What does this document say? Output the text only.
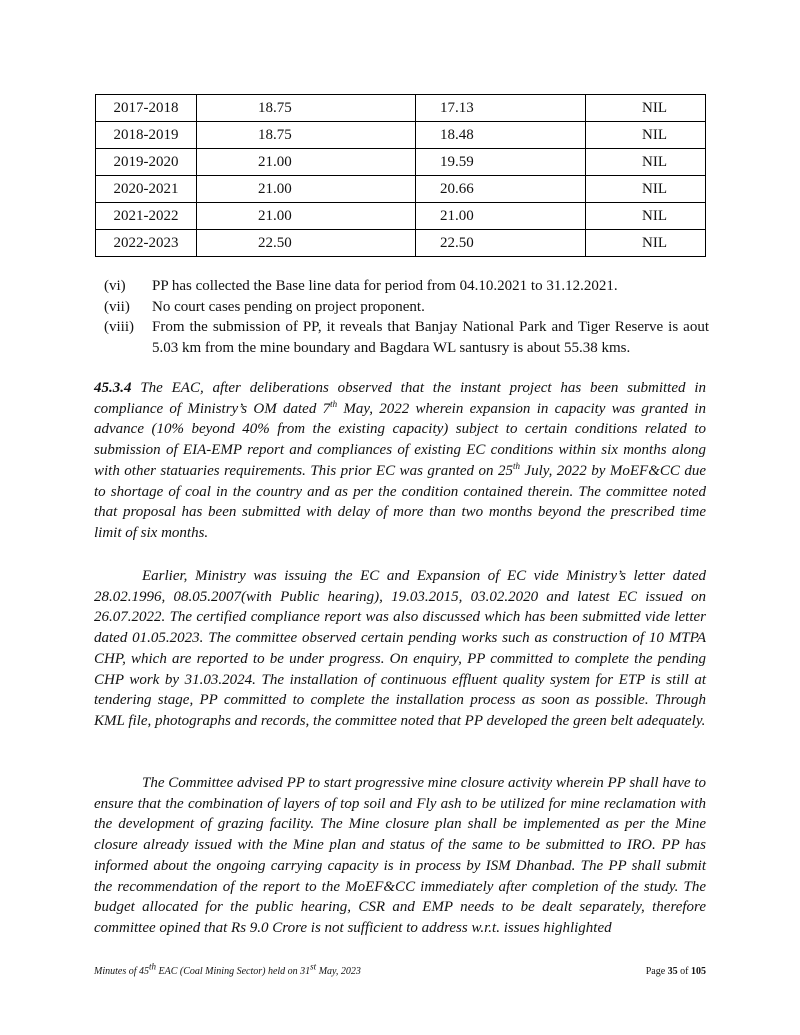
2017-2018	18.75	17.13	NIL
2018-2019	18.75	18.48	NIL
2019-2020	21.00	19.59	NIL
2020-2021	21.00	20.66	NIL
2021-2022	21.00	21.00	NIL
2022-2023	22.50	22.50	NIL
(vi)	PP has collected the Base line data for period from 04.10.2021 to 31.12.2021.
(vii)	No court cases pending on project proponent.
(viii)	From the submission of PP, it reveals that Banjay National Park and Tiger Reserve is aout 5.03 km from the mine boundary and Bagdara WL santusry is about 55.38 kms.

45.3.4 The EAC, after deliberations observed that the instant project has been submitted in compliance of Ministry’s OM dated 7th May, 2022 wherein expansion in capacity was granted in advance (10% beyond 40% from the existing capacity) subject to certain conditions related to submission of EIA-EMP report and compliances of existing EC conditions within six months along with other statuaries requirements. This prior EC was granted on 25th July, 2022 by MoEF&CC due to shortage of coal in the country and as per the condition contained therein. The committee noted that proposal has been submitted with delay of more than two months beyond the prescribed time limit of six months.

Earlier, Ministry was issuing the EC and Expansion of EC vide Ministry’s letter dated 28.02.1996, 08.05.2007(with Public hearing), 19.03.2015, 03.02.2020 and latest EC issued on 26.07.2022. The certified compliance report was also discussed which has been submitted vide letter dated 01.05.2023. The committee observed certain pending works such as construction of 10 MTPA CHP, which are reported to be under progress. On enquiry, PP committed to complete the pending CHP work by 31.03.2024. The installation of continuous effluent quality system for ETP is still at tendering stage, PP committed to complete the installation process as soon as possible. Through KML file, photographs and records, the committee noted that PP developed the green belt adequately.

The Committee advised PP to start progressive mine closure activity wherein PP shall have to ensure that the combination of layers of top soil and Fly ash to be utilized for mine reclamation with the development of grazing facility. The Mine closure plan shall be implemented as per the Mine closure already issued with the Mine plan and status of the same to be submitted to IRO. PP has informed about the ongoing carrying capacity is in process by ISM Dhanbad. The PP shall submit the recommendation of the report to the MoEF&CC immediately after completion of the study. The budget allocated for the public hearing, CSR and EMP needs to be dealt separately, therefore committee opined that Rs 9.0 Crore is not sufficient to address w.r.t. issues highlighted

Minutes of 45th EAC (Coal Mining Sector) held on 31st May, 2023	Page 35 of 105
